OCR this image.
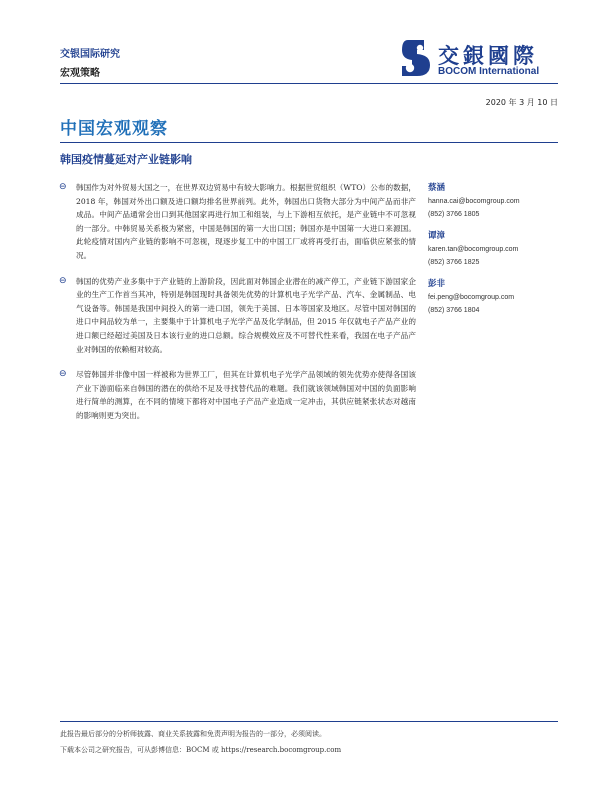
交银国际研究
宏观策略
交銀國際
BOCOM International
2020 年 3 月 10 日
中国宏观观察
韩国疫情蔓延对产业链影响

⊖ 韩国作为对外贸易大国之一，在世界双边贸易中有较大影响力。根据世贸组织（WTO）公布的数据，2018 年，韩国对外出口额及进口额均排名世界前列。此外，韩国出口货物大部分为中间产品而非产成品。中间产品通常会出口到其他国家再进行加工和组装，与上下游相互依托，是产业链中不可忽视的一部分。中韩贸易关系极为紧密，中国是韩国的第一大出口国；韩国亦是中国第一大进口来源国。此轮疫情对国内产业链的影响不可忽视，现逐步复工中的中国工厂或将再受打击，面临供应紧张的情况。

⊖ 韩国的优势产业多集中于产业链的上游阶段，因此面对韩国企业潜在的减产停工，产业链下游国家企业的生产工作首当其冲，特别是韩国现时具备领先优势的计算机电子光学产品、汽车、金属制品、电气设备等。韩国是我国中间投入的第一进口国，领先于美国、日本等国家及地区。尽管中国对韩国的进口中间品较为单一，主要集中于计算机电子光学产品及化学制品，但 2015 年仅就电子产品产业的进口额已经超过美国及日本该行业的进口总额。综合规模效应及不可替代性来看，我国在电子产品产业对韩国的依赖相对较高。

⊖ 尽管韩国并非像中国一样被称为世界工厂，但其在计算机电子光学产品领域的领先优势亦使得各国该产业下游面临来自韩国的潜在的供给不足及寻找替代品的难题。我们就该领域韩国对中国的负面影响进行简单的测算，在不同的情境下都将对中国电子产品产业造成一定冲击，其供应链紧张状态对越南的影响则更为突出。

蔡涵
hanna.cai@bocomgroup.com
(852) 3766 1805
谭漳
karen.tan@bocomgroup.com
(852) 3766 1825
彭非
fei.peng@bocomgroup.com
(852) 3766 1804
此报告最后部分的分析师披露、商业关系披露和免责声明为报告的一部分，必须阅读。
下载本公司之研究报告，可从彭博信息：BOCM 或 https://research.bocomgroup.com
